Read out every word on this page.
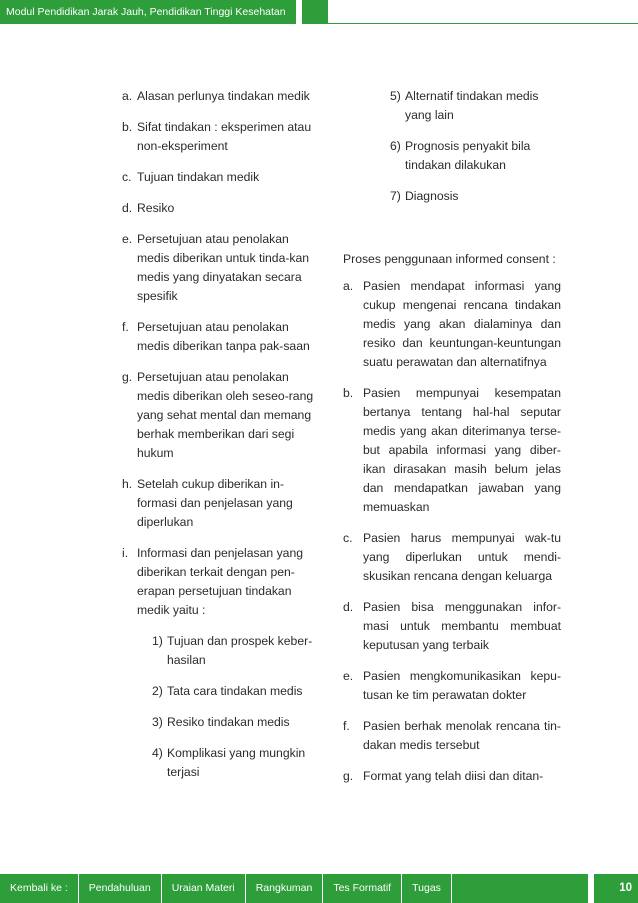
Modul Pendidikan Jarak Jauh, Pendidikan Tinggi Kesehatan
a. Alasan perlunya tindakan medik
b. Sifat tindakan : eksperimen atau non-eksperiment
c. Tujuan tindakan medik
d. Resiko
e. Persetujuan atau penolakan medis diberikan untuk tinda-kan medis yang dinyatakan secara spesifik
f. Persetujuan atau penolakan medis diberikan tanpa pak-saan
g. Persetujuan atau penolakan medis diberikan oleh seseo-rang yang sehat mental dan memang berhak memberikan dari segi hukum
h. Setelah cukup diberikan in-formasi dan penjelasan yang diperlukan
i. Informasi dan penjelasan yang diberikan terkait dengan pen-erapan persetujuan tindakan medik yaitu :
1) Tujuan dan prospek keber-hasilan
2) Tata cara tindakan medis
3) Resiko tindakan medis
4) Komplikasi yang mungkin terjasi
5) Alternatif tindakan medis yang lain
6) Prognosis penyakit bila tindakan dilakukan
7) Diagnosis
Proses penggunaan informed consent :
a. Pasien mendapat informasi yang cukup mengenai rencana tindakan medis yang akan dialaminya dan resiko dan keuntungan-keuntungan suatu perawatan dan alternatifnya
b. Pasien mempunyai kesempatan bertanya tentang hal-hal seputar medis yang akan diterimanya terse-but apabila informasi yang diber-ikan dirasakan masih belum jelas dan mendapatkan jawaban yang memuaskan
c. Pasien harus mempunyai wak-tu yang diperlukan untuk mendi-skusikan rencana dengan keluarga
d. Pasien bisa menggunakan infor-masi untuk membantu membuat keputusan yang terbaik
e. Pasien mengkomunikasikan kepu-tusan ke tim perawatan dokter
f. Pasien berhak menolak rencana tin-dakan medis tersebut
g. Format yang telah diisi dan ditan-
Kembali ke :	Pendahuluan	Uraian Materi	Rangkuman	Tes Formatif	Tugas	10
